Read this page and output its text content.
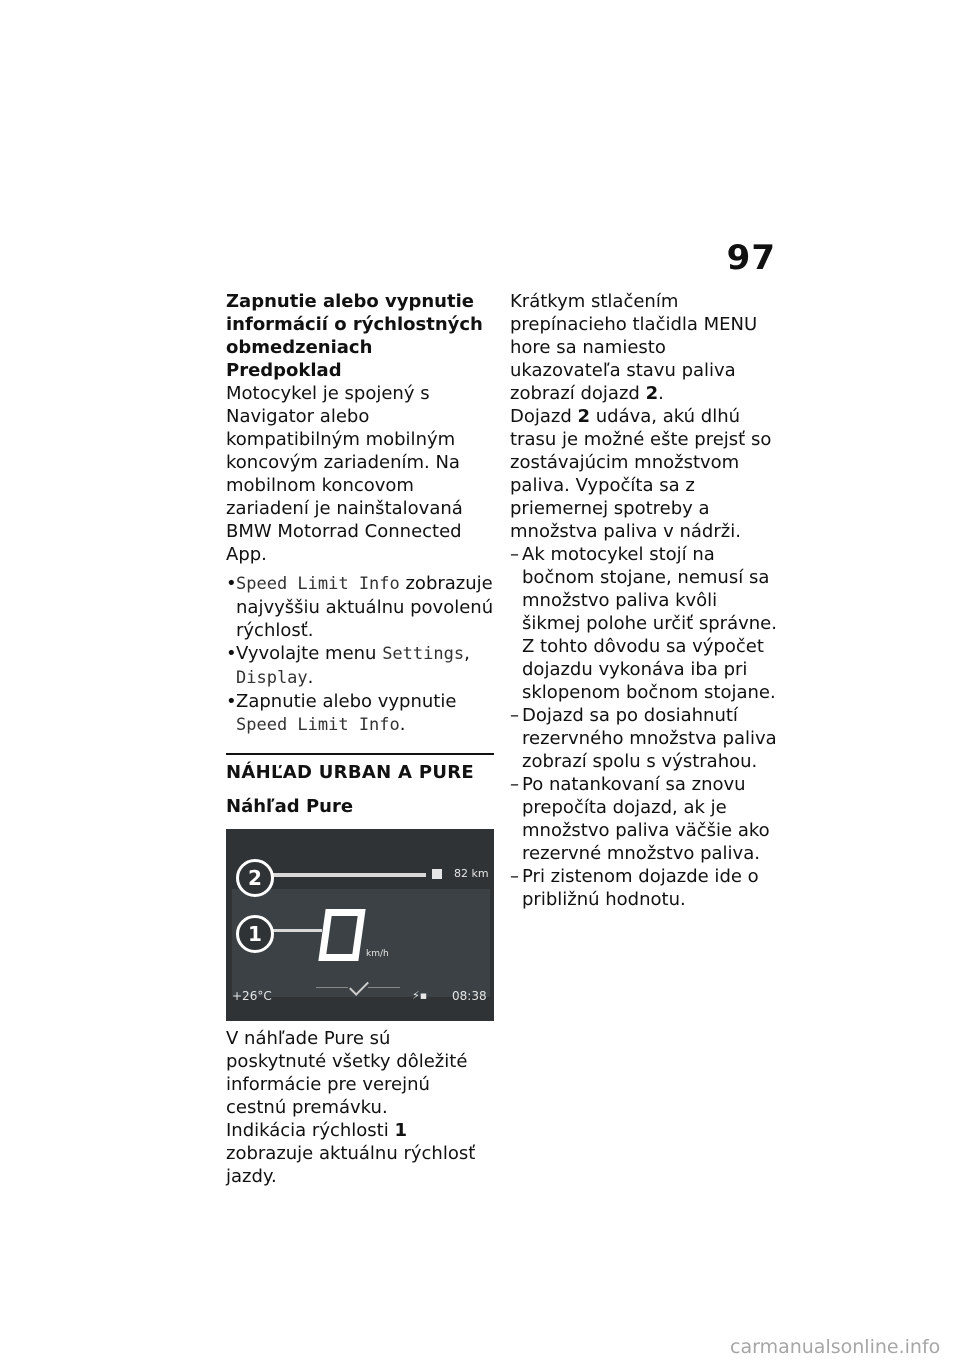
97
Zapnutie alebo vypnutie informácií o rýchlostných obmedzeniach
Predpoklad
Motocykel je spojený s Navigator alebo kompatibilným mobilným koncovým zariadením. Na mobilnom koncovom zariadení je nainštalovaná BMW Motorrad Connected App.
• Speed Limit Info zobrazuje najvyššiu aktuálnu povolenú rýchlosť.
• Vyvolajte menu Settings, Display.
• Zapnutie alebo vypnutie Speed Limit Info.
NÁHĽAD URBAN A PURE
Náhľad Pure
82 km
2
1
km/h
+26°C	⚡▪ 08:38
V náhľade Pure sú poskytnuté všetky dôležité informácie pre verejnú cestnú premávku.
Indikácia rýchlosti 1 zobrazuje aktuálnu rýchlosť jazdy.
Krátkym stlačením prepínacieho tlačidla MENU hore sa namiesto ukazovateľa stavu paliva zobrazí dojazd 2.
Dojazd 2 udáva, akú dlhú trasu je možné ešte prejsť so zostávajúcim množstvom paliva. Vypočíta sa z priemernej spotreby a množstva paliva v nádrži.
– Ak motocykel stojí na bočnom stojane, nemusí sa množstvo paliva kvôli šikmej polohe určiť správne. Z tohto dôvodu sa výpočet dojazdu vykonáva iba pri sklopenom bočnom stojane.
– Dojazd sa po dosiahnutí rezervného množstva paliva zobrazí spolu s výstrahou.
– Po natankovaní sa znovu prepočíta dojazd, ak je množstvo paliva väčšie ako rezervné množstvo paliva.
– Pri zistenom dojazde ide o približnú hodnotu.
carmanualsonline.info
